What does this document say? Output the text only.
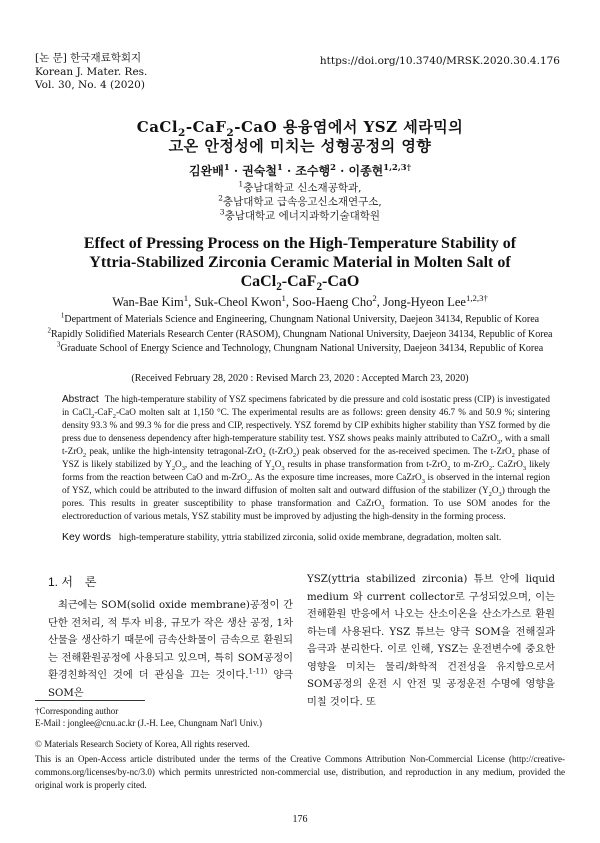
[논 문] 한국재료학회지
Korean J. Mater. Res.
Vol. 30, No. 4 (2020)
https://doi.org/10.3740/MRSK.2020.30.4.176
CaCl$_2$-CaF$_2$-CaO 용융염에서 YSZ 세라믹의
고온 안정성에 미치는 성형공정의 영향
김완배$^1$ · 권숙철$^1$ · 조수행$^2$ · 이종현$^{1,2,3\dagger}$
$^1$충남대학교 신소재공학과,
$^2$충남대학교 급속응고신소재연구소,
$^3$충남대학교 에너지과학기술대학원
Effect of Pressing Process on the High-Temperature Stability of
Yttria-Stabilized Zirconia Ceramic Material in Molten Salt of
CaCl$_2$-CaF$_2$-CaO
Wan-Bae Kim$^1$, Suk-Cheol Kwon$^1$, Soo-Haeng Cho$^2$, Jong-Hyeon Lee$^{1,2,3\dagger}$
$^1$Department of Materials Science and Engineering, Chungnam National University, Daejeon 34134, Republic of Korea
$^2$Rapidly Solidified Materials Research Center (RASOM), Chungnam National University, Daejeon 34134, Republic of Korea
$^3$Graduate School of Energy Science and Technology, Chungnam National University, Daejeon 34134, Republic of Korea
(Received February 28, 2020 : Revised March 23, 2020 : Accepted March 23, 2020)
Abstract The high-temperature stability of YSZ specimens fabricated by die pressure and cold isostatic press (CIP) is investigated in CaCl$_2$-CaF$_2$-CaO molten salt at 1,150 °C. The experimental results are as follows: green density 46.7 % and 50.9 %; sintering density 93.3 % and 99.3 % for die press and CIP, respectively. YSZ foremd by CIP exhibits higher stability than YSZ formed by die press due to denseness dependency after high-temperature stability test. YSZ shows peaks mainly attributed to CaZrO$_3$, with a small t-ZrO$_2$ peak, unlike the high-intensity tetragonal-ZrO$_2$ (t-ZrO$_2$) peak observed for the as-received specimen. The t-ZrO$_2$ phase of YSZ is likely stabilized by $Y_2O_3$, and the leaching of $Y_2O_3$ results in phase transformation from t-ZrO$_2$ to m-ZrO$_2$. CaZrO$_3$ likely forms from the reaction between CaO and m-ZrO$_2$. As the exposure time increases, more CaZrO$_3$ is observed in the internal region of YSZ, which could be attributed to the inward diffusion of molten salt and outward diffusion of the stabilizer $(Y_2O_3)$ through the pores. This results in greater susceptibility to phase transformation and CaZrO$_3$ formation. To use SOM anodes for the electroreduction of various metals, YSZ stability must be improved by adjusting the high-density in the forming process.
Key words high-temperature stability, yttria stabilized zirconia, solid oxide membrane, degradation, molten salt.
1. 서　론
최근에는 SOM(solid oxide membrane)공정이 간단한 전처리, 적 투자 비용, 규모가 작은 생산 공정, 1차 산물을 생산하기 때문에 금속산화물이 금속으로 환원되는 전해환원공정에 사용되고 있으며, 특히 SOM공정이 환경친화적인 것에 더 관심을 끄는 것이다.$^{1-11)}$ 양극 SOM은
YSZ(yttria stabilized zirconia) 튜브 안에 liquid medium 와 current collector로 구성되었으며, 이는 전해환원 반응에서 나오는 산소이온을 산소가스로 환원하는데 사용된다. YSZ 튜브는 양극 SOM을 전해질과 음극과 분리한다. 이로 인해, YSZ는 운전변수에 중요한 영향을 미치는 물리/화학적 건전성을 유지함으로서 SOM공정의 운전 시 안전 및 공정운전 수명에 영향을 미칠 것이다. 또
†Corresponding author
E-Mail : jonglee@cnu.ac.kr (J.-H. Lee, Chungnam Nat'l Univ.)
© Materials Research Society of Korea, All rights reserved.
This is an Open-Access article distributed under the terms of the Creative Commons Attribution Non-Commercial License (http://creative-commons.org/licenses/by-nc/3.0) which permits unrestricted non-commercial use, distribution, and reproduction in any medium, provided the original work is properly cited.
176
